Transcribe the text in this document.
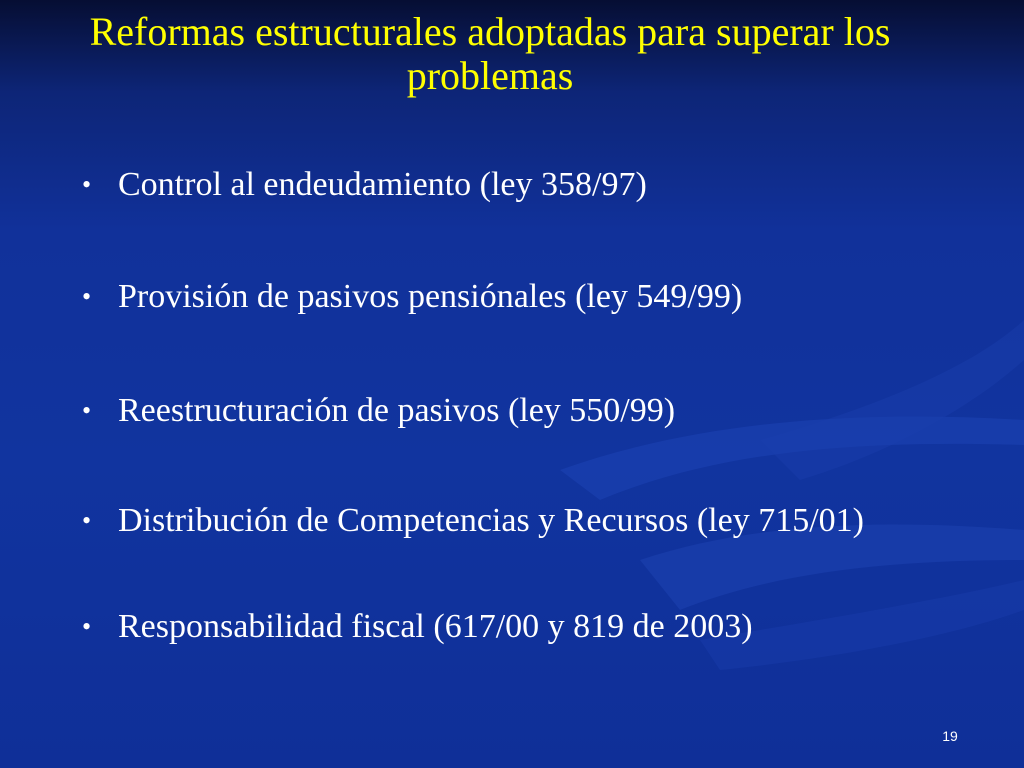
Reformas estructurales adoptadas para superar los problemas
• Control al endeudamiento (ley 358/97)
• Provisión de pasivos pensiónales (ley 549/99)
• Reestructuración de pasivos (ley 550/99)
• Distribución de Competencias y Recursos (ley 715/01)
• Responsabilidad fiscal (617/00 y 819 de 2003)
19
